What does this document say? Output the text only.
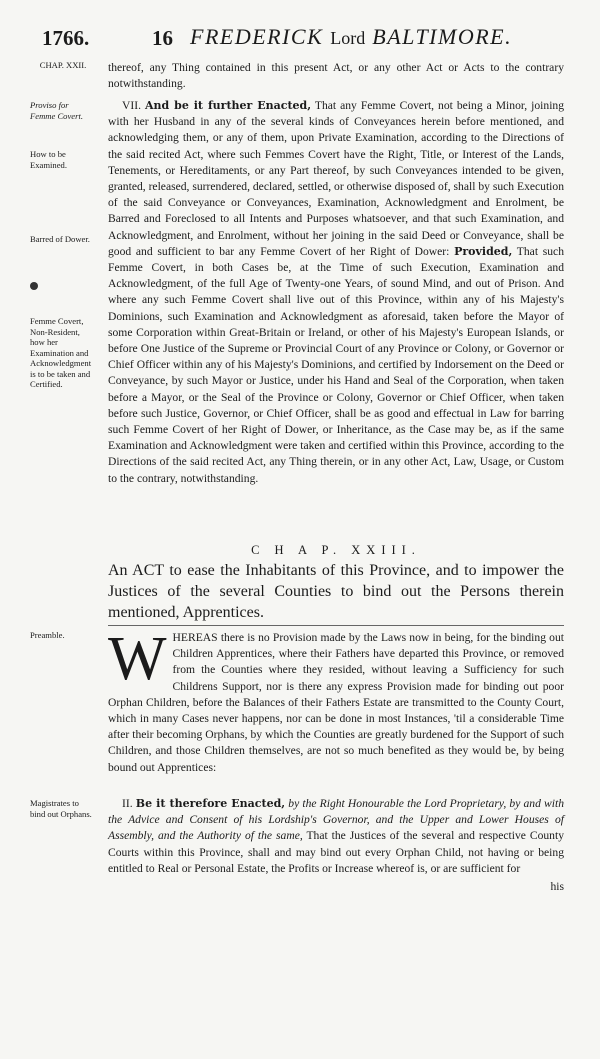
1766.	16 FREDERICK Lord BALTIMORE.
CHAP. XXII.
Proviso for Femme Covert.
How to be Examined.
Barred of Dower.
Femme Covert, Non-Resident, how her Examination and Acknowledgment is to be taken and Certified.
Preamble.
Magistrates to bind out Orphans.
thereof, any Thing contained in this present Act, or any other Act or Acts to the contrary notwithstanding.
VII. And be it further Enacted, That any Femme Covert, not being a Minor, joining with her Husband in any of the several kinds of Conveyances herein before mentioned, and acknowledging them, or any of them, upon Private Examination, according to the Directions of the said recited Act, where such Femmes Covert have the Right, Title, or Interest of the Lands, Tenements, or Hereditaments, or any Part thereof, by such Conveyances intended to be given, granted, released, surrendered, declared, settled, or otherwise disposed of, shall by such Execution of the said Conveyance or Conveyances, Examination, Acknowledgment and Enrolment, be Barred and Foreclosed to all Intents and Purposes whatsoever, and that such Examination, and Acknowledgment, and Enrolment, without her joining in the said Deed or Conveyance, shall be good and sufficient to bar any Femme Covert of her Right of Dower: Provided, That such Femme Covert, in both Cases be, at the Time of such Execution, Examination and Acknowledgment, of the full Age of Twenty-one Years, of sound Mind, and out of Prison. And where any such Femme Covert shall live out of this Province, within any of his Majesty's Dominions, such Examination and Acknowledgment as aforesaid, taken before the Mayor of some Corporation within Great-Britain or Ireland, or other of his Majesty's European Islands, or before One Justice of the Supreme or Provincial Court of any Province or Colony, or Governor or Chief Officer within any of his Majesty's Dominions, and certified by Indorsement on the Deed or Conveyance, by such Mayor or Justice, under his Hand and Seal of the Corporation, when taken before a Mayor, or the Seal of the Province or Colony, Governor or Chief Officer, when taken before such Justice, Governor, or Chief Officer, shall be as good and effectual in Law for barring such Femme Covert of her Right of Dower, or Inheritance, as the Case may be, as if the same Examination and Acknowledgment were taken and certified within this Province, according to the Directions of the said recited Act, any Thing therein, or in any other Act, Law, Usage, or Custom to the contrary, notwithstanding.
C H A P. XXIII.
An ACT to ease the Inhabitants of this Province, and to impower the Justices of the several Counties to bind out the Persons therein mentioned, Apprentices.
WHEREAS there is no Provision made by the Laws now in being, for the binding out Children Apprentices, where their Fathers have departed this Province, or removed from the Counties where they resided, without leaving a Sufficiency for such Childrens Support, nor is there any express Provision made for binding out poor Orphan Children, before the Balances of their Fathers Estate are transmitted to the County Court, which in many Cases never happens, nor can be done in most Instances, 'til a considerable Time after their becoming Orphans, by which the Counties are greatly burdened for the Support of such Children, and those Children themselves, are not so much benefited as they would be, by being bound out Apprentices:
II. Be it therefore Enacted, by the Right Honourable the Lord Proprietary, by and with the Advice and Consent of his Lordship's Governor, and the Upper and Lower Houses of Assembly, and the Authority of the same, That the Justices of the several and respective County Courts within this Province, shall and may bind out every Orphan Child, not having or being entitled to Real or Personal Estate, the Profits or Increase whereof is, or are sufficient for
his
